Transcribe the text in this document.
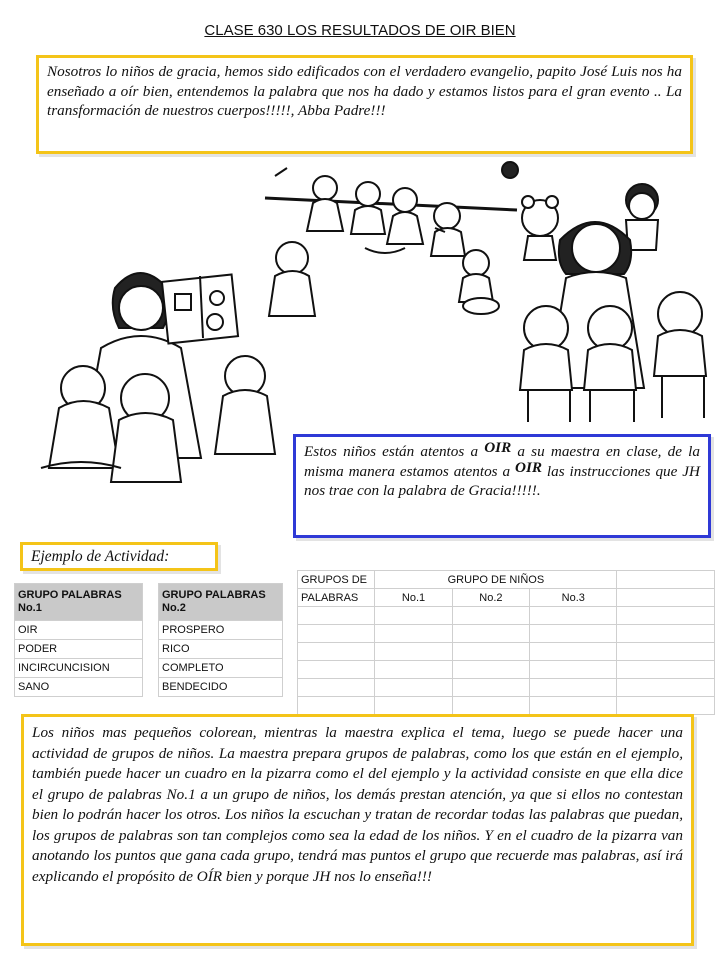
CLASE 630 LOS RESULTADOS DE OIR BIEN
Nosotros lo niños de gracia, hemos sido edificados con el verdadero evangelio, papito José Luis nos ha enseñado a oír bien, entendemos la palabra que nos ha dado y estamos listos para el gran evento .. La transformación de nuestros cuerpos!!!!!, Abba Padre!!!
Estos niños están atentos a OIR a su maestra en clase, de la misma manera estamos atentos a OIR las instrucciones que JH nos trae con la palabra de Gracia!!!!!.
Ejemplo de Actividad:
GRUPO PALABRAS No.1
OIR
PODER
INCIRCUNCISION
SANO
GRUPO PALABRAS No.2
PROSPERO
RICO
COMPLETO
BENDECIDO
GRUPOS DE	GRUPO DE NIÑOS			
PALABRAS	No.1	No.2	No.3	

Los niños mas pequeños colorean, mientras la maestra explica el tema, luego se puede hacer una actividad de grupos de niños. La maestra prepara grupos de palabras, como los que están en el ejemplo, también puede hacer un cuadro en la pizarra como el del ejemplo y la actividad consiste en que ella dice el grupo de palabras No.1 a un grupo de niños, los demás prestan atención, ya que si ellos no contestan bien lo podrán hacer los otros. Los niños la escuchan y tratan de recordar todas las palabras que puedan, los grupos de palabras son tan complejos como sea la edad de los niños. Y en el cuadro de la pizarra van anotando los puntos que gana cada grupo, tendrá mas puntos el grupo que recuerde mas palabras, así irá explicando el propósito de OÍR bien y porque JH nos lo enseña!!!
